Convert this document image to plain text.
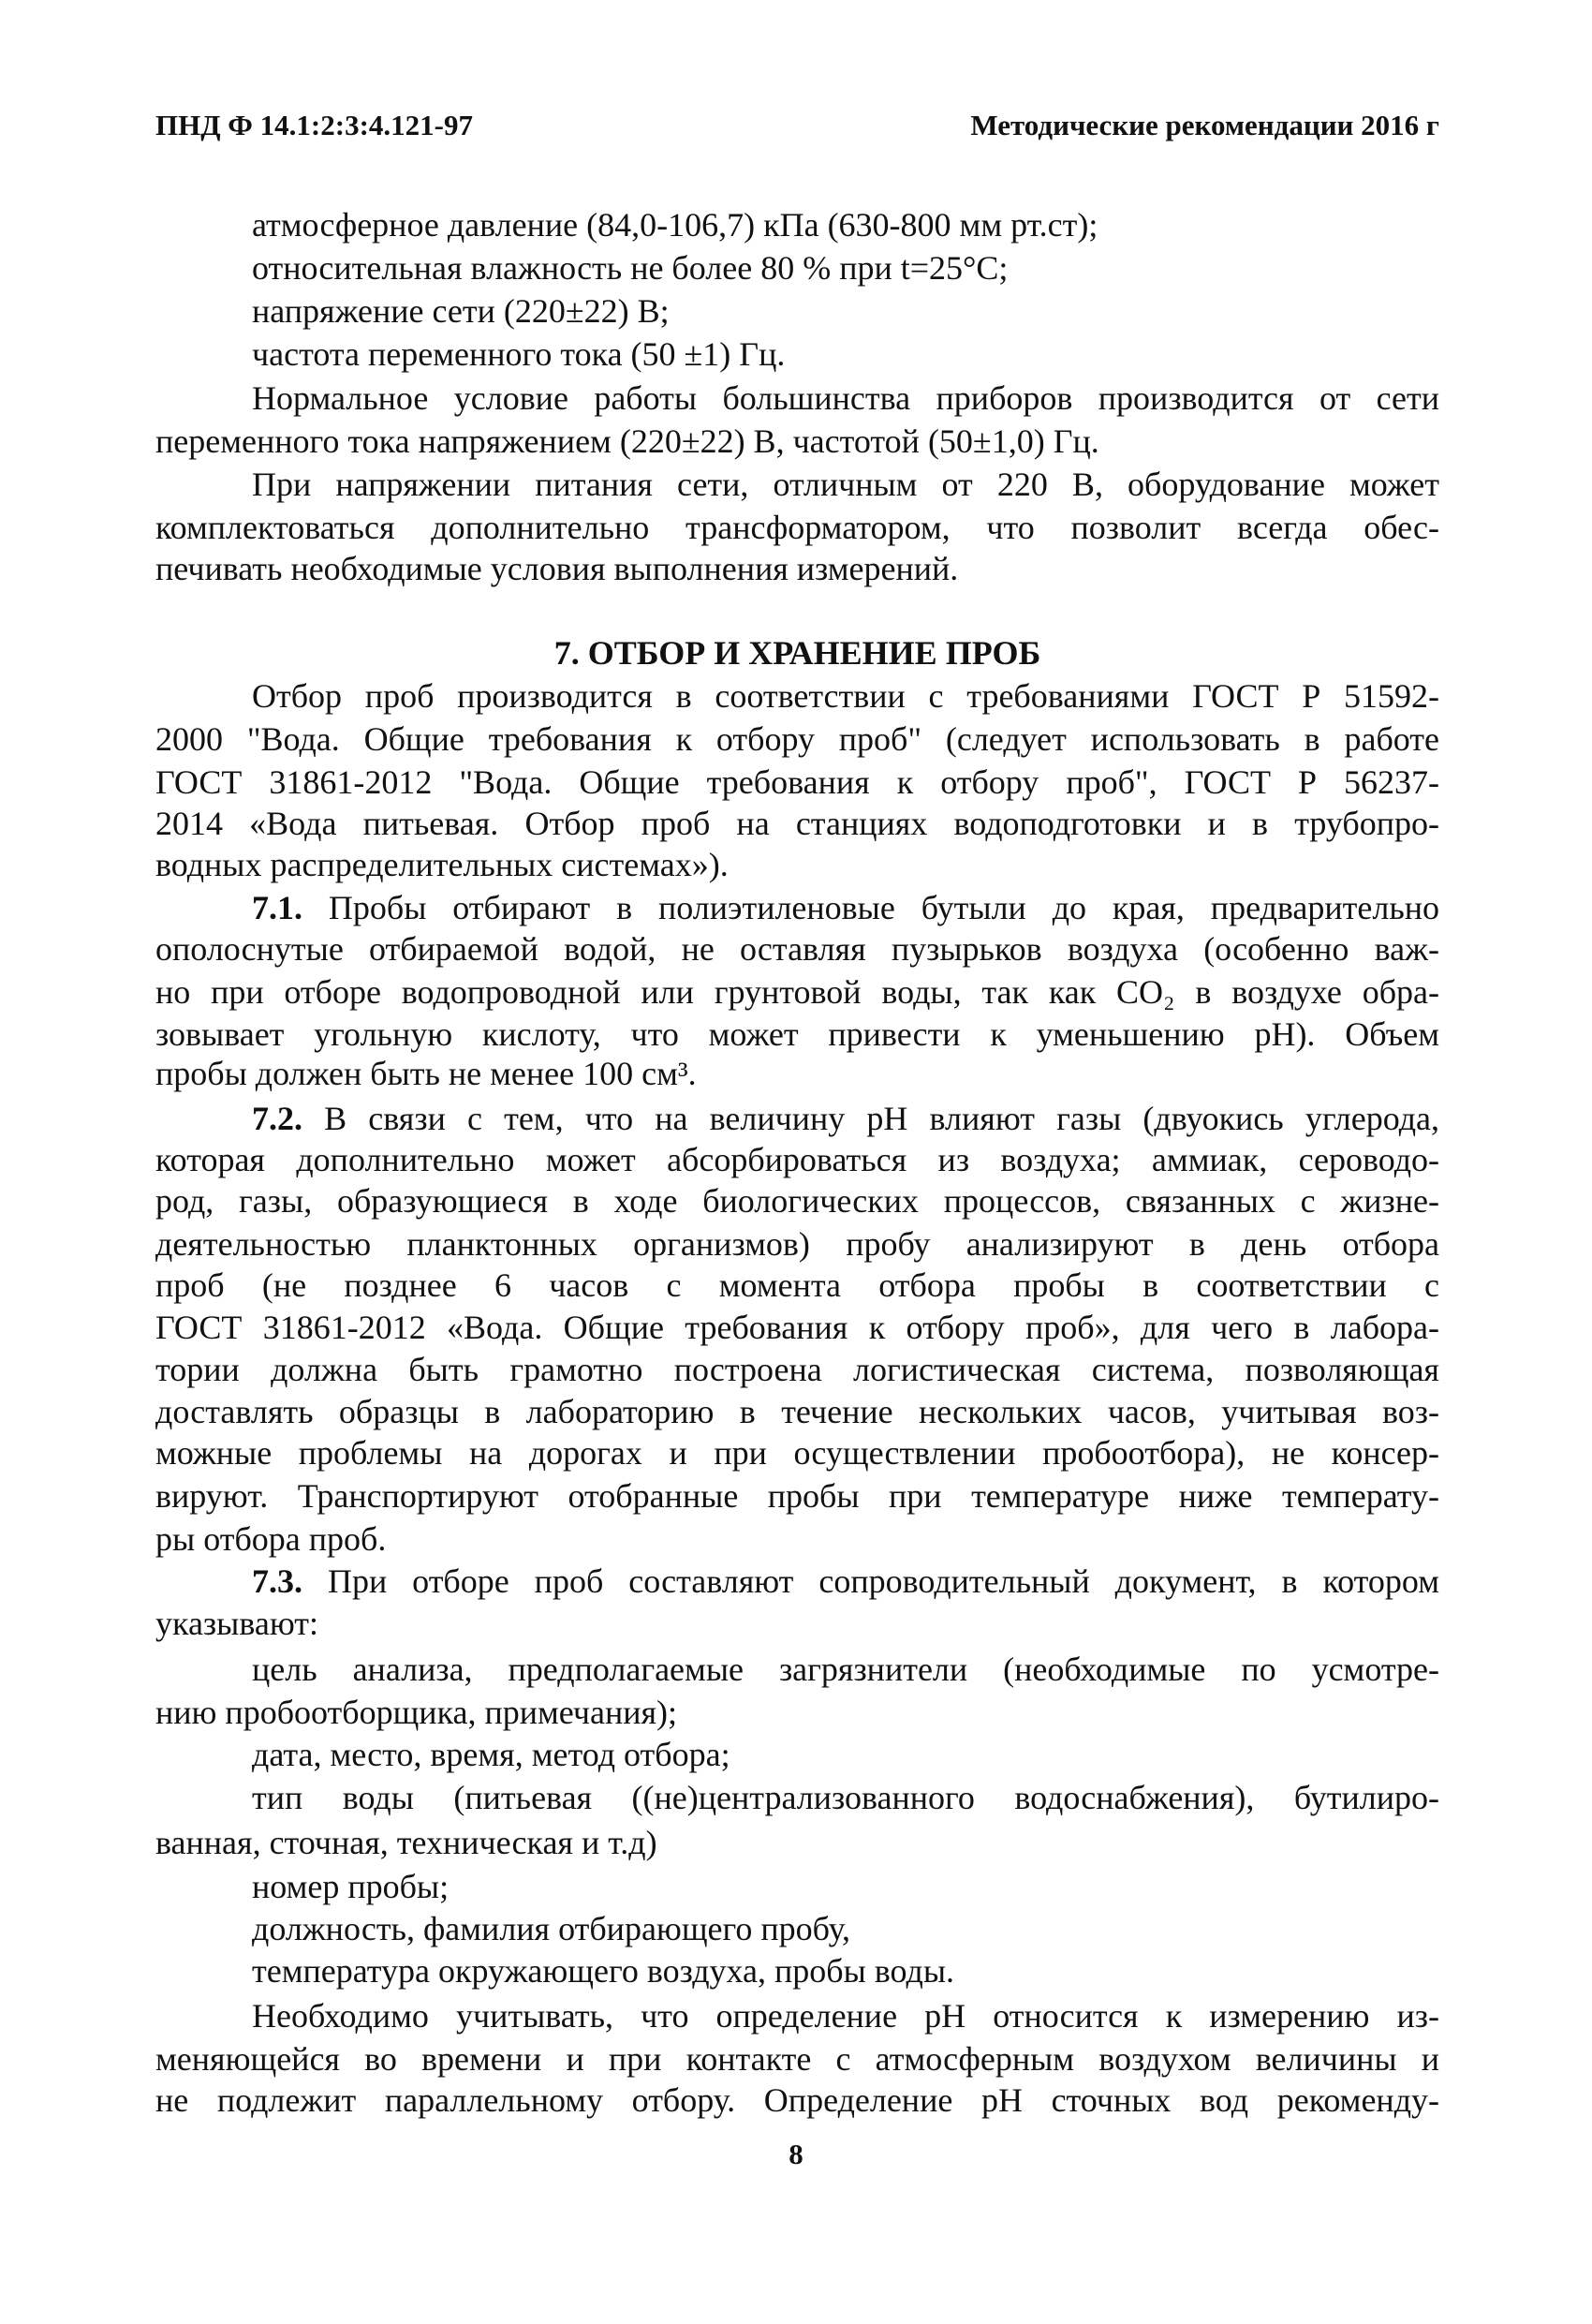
ПНД Ф 14.1:2:3:4.121-97	Методические рекомендации 2016 г
атмосферное давление (84,0-106,7) кПа (630-800 мм рт.ст);
относительная влажность не более 80 % при t=25°С;
напряжение сети (220±22) В;
частота переменного тока (50 ±1) Гц.
Нормальное условие работы большинства приборов производится от сети
переменного тока напряжением (220±22) В, частотой (50±1,0) Гц.
При напряжении питания сети, отличным от 220 В, оборудование может
комплектоваться дополнительно трансформатором, что позволит всегда обес-
печивать необходимые условия выполнения измерений.
7. ОТБОР И ХРАНЕНИЕ ПРОБ
Отбор проб производится в соответствии с требованиями ГОСТ Р 51592-
2000 "Вода. Общие требования к отбору проб" (следует использовать в работе
ГОСТ 31861-2012 "Вода. Общие требования к отбору проб", ГОСТ Р 56237-
2014 «Вода питьевая. Отбор проб на станциях водоподготовки и в трубопро-
водных распределительных системах»).
7.1. Пробы отбирают в полиэтиленовые бутыли до края, предварительно
ополоснутые отбираемой водой, не оставляя пузырьков воздуха (особенно важ-
но при отборе водопроводной или грунтовой воды, так как CO₂ в воздухе обра-
зовывает угольную кислоту, что может привести к уменьшению pH). Объем
пробы должен быть не менее 100 см³.
7.2. В связи с тем, что на величину pH влияют газы (двуокись углерода,
которая дополнительно может абсорбироваться из воздуха; аммиак, сероводо-
род, газы, образующиеся в ходе биологических процессов, связанных с жизне-
деятельностью планктонных организмов) пробу анализируют в день отбора
проб (не позднее 6 часов с момента отбора пробы в соответствии с
ГОСТ 31861-2012 «Вода. Общие требования к отбору проб», для чего в лабора-
тории должна быть грамотно построена логистическая система, позволяющая
доставлять образцы в лабораторию в течение нескольких часов, учитывая воз-
можные проблемы на дорогах и при осуществлении пробоотбора), не консер-
вируют. Транспортируют отобранные пробы при температуре ниже температу-
ры отбора проб.
7.3. При отборе проб составляют сопроводительный документ, в котором
указывают:
цель анализа, предполагаемые загрязнители (необходимые по усмотре-
нию пробоотборщика, примечания);
дата, место, время, метод отбора;
тип воды (питьевая ((не)централизованного водоснабжения), бутилиро-
ванная, сточная, техническая и т.д)
номер пробы;
должность, фамилия отбирающего пробу,
температура окружающего воздуха, пробы воды.
Необходимо учитывать, что определение pH относится к измерению из-
меняющейся во времени и при контакте с атмосферным воздухом величины и
не подлежит параллельному отбору. Определение pH сточных вод рекоменду-
8
